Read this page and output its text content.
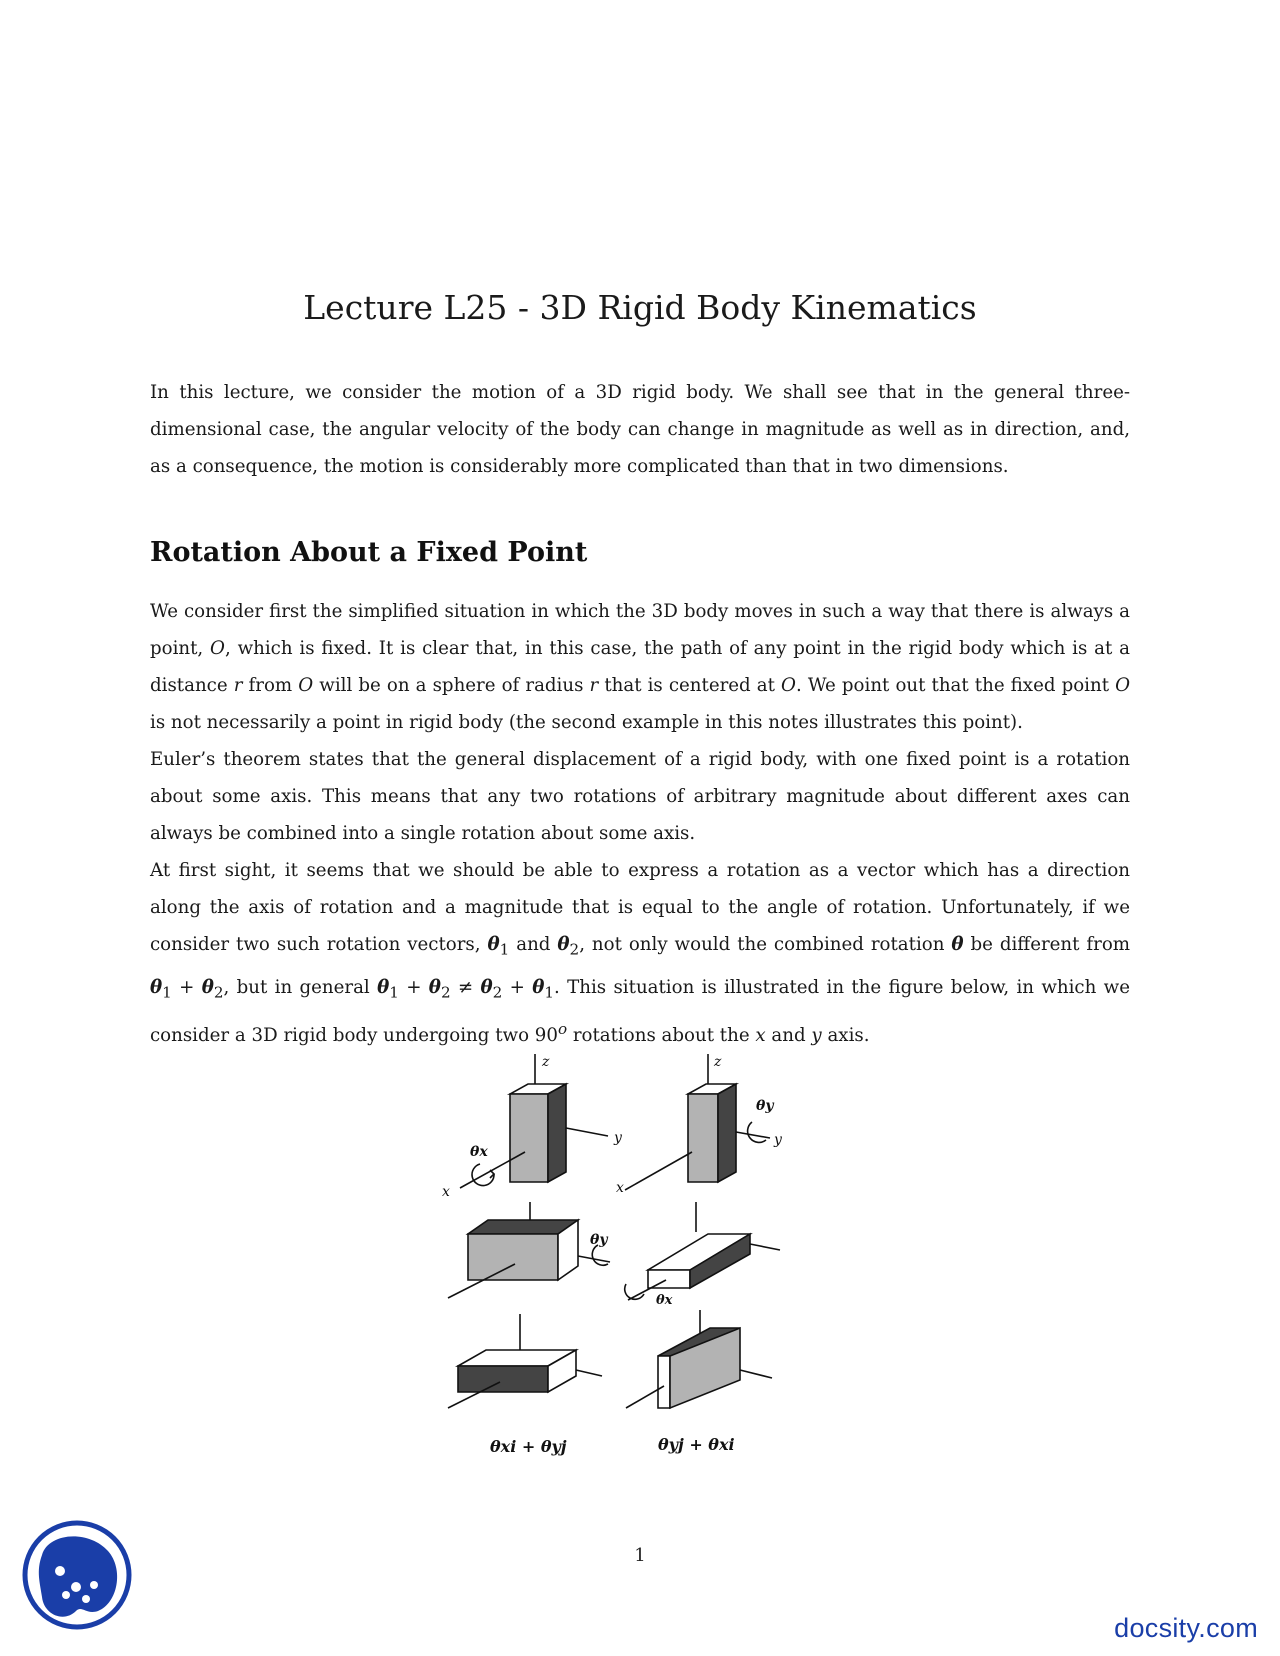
Lecture L25 - 3D Rigid Body Kinematics

In this lecture, we consider the motion of a 3D rigid body. We shall see that in the general three-dimensional case, the angular velocity of the body can change in magnitude as well as in direction, and, as a consequence, the motion is considerably more complicated than that in two dimensions.

Rotation About a Fixed Point

We consider first the simplified situation in which the 3D body moves in such a way that there is always a point, O, which is fixed. It is clear that, in this case, the path of any point in the rigid body which is at a distance r from O will be on a sphere of radius r that is centered at O. We point out that the fixed point O is not necessarily a point in rigid body (the second example in this notes illustrates this point).

Euler’s theorem states that the general displacement of a rigid body, with one fixed point is a rotation about some axis. This means that any two rotations of arbitrary magnitude about different axes can always be combined into a single rotation about some axis.

At first sight, it seems that we should be able to express a rotation as a vector which has a direction along the axis of rotation and a magnitude that is equal to the angle of rotation. Unfortunately, if we consider two such rotation vectors, $\theta_1$ and $\theta_2$, not only would the combined rotation θ be different from $\theta_1 + \theta_2$, but in general $\theta_1 + \theta_2 \ne \theta_2 + \theta_1$. This situation is illustrated in the figure below, in which we consider a 3D rigid body undergoing two 90$^o$ rotations about the x and y axis.

z
y
x
θx
θy
z
y
x
θy
θx
θxi + θyj	θyj + θxi
1
docsity.com
